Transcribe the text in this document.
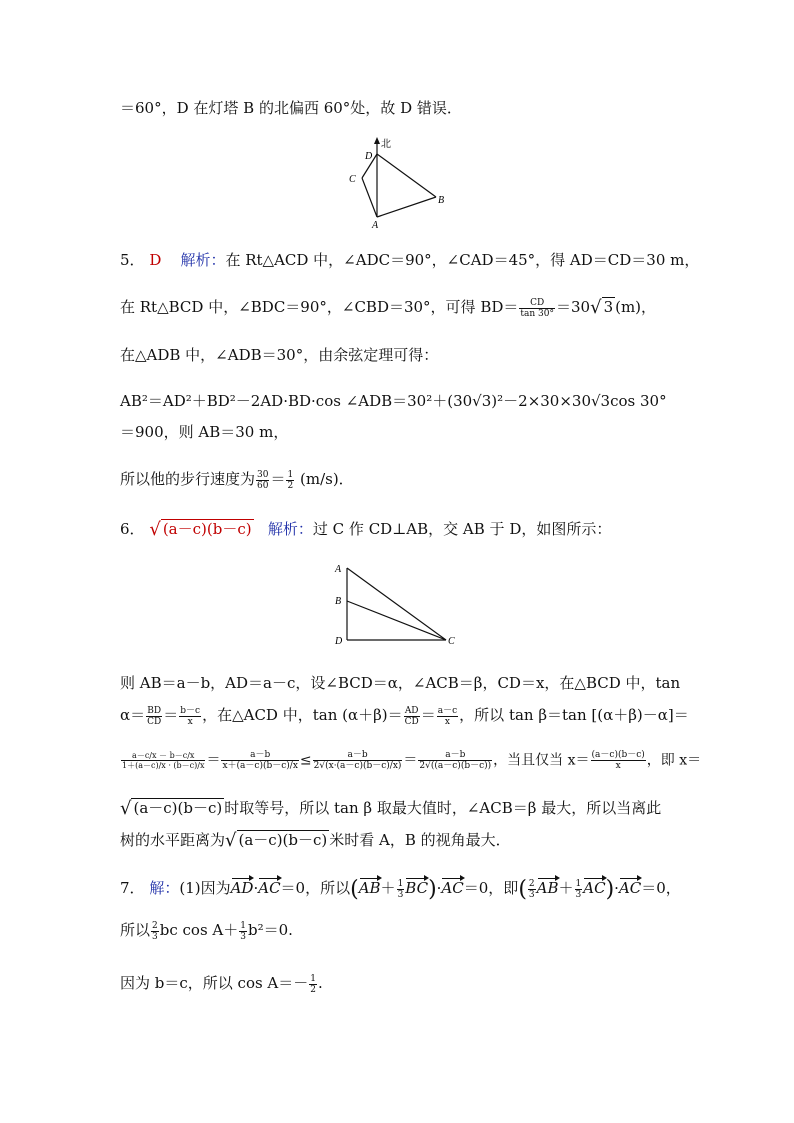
＝60°，D 在灯塔 B 的北偏西 60°处，故 D 错误．
北
D
C
B
A
5． D 解析：在 Rt△ACD 中，∠ADC＝90°，∠CAD＝45°，得 AD＝CD＝30 m，
在 Rt△BCD 中，∠BDC＝90°，∠CBD＝30°，可得 $BD= \frac{CD}{\tan 30^\circ} =30√$ 3 (m)，
在△ADB 中，∠ADB＝30°，由余弦定理可得：
AB²＝AD²＋BD²－2AD·BD·cos ∠ADB＝30²＋(30√3)²－2×30×30√3cos 30°
＝900，则 AB＝30 m，
所以他的步行速度为 $\frac{30}{60} = \frac{1}{2} (m/s)$．
6． √ (a－c)(b－c) 解析：过 C 作 CD⊥AB，交 AB 于 D，如图所示：
A
B
D	C
则 AB＝a－b，AD＝a－c，设∠BCD＝α，∠ACB＝β，CD＝x，在△BCD 中，tan
$\alpha= \frac{BD}{CD} = \frac{b-c}{x}$ ，在△ACD 中，$\tan (\alpha+\beta)= \frac{AD}{CD} = \frac{a-c}{x}$ ，所以 tan β＝tan [(α＋β)－α]＝
$\frac{a-c/x - b-c/x}{1+(a-c)/x \cdot (b-c)/x} = \frac{a-b}{x+(a-c)(b-c)/x} \le \frac{a-b}{2√(x\cdot(a-c)(b-c)/x)} = \frac{a-b}{2√((a-c)(b-c))}$ ，当且仅当 $x= \frac{(a-c)(b-c)}{x}$ ，即 x＝
√ (a－c)(b－c) 时取等号，所以 tan β 取最大值时，∠ACB＝β 最大，所以当离此
树的水平距离为√ (a－c)(b－c) 米时看 A，B 的视角最大．
7． 解：(1)因为AD·AC＝0，所以$(AB+ \frac{1}{3} BC)\cdot AC=0$，即( $\frac{2}{3} AB+ \frac{1}{3} AC)\cdot AC=0$，
所以 $\frac{2}{3}$ bc $\cos A+ \frac{1}{3} b^2=0$.
因为 b＝c，所以 $\cos A=- \frac{1}{2}$ .
